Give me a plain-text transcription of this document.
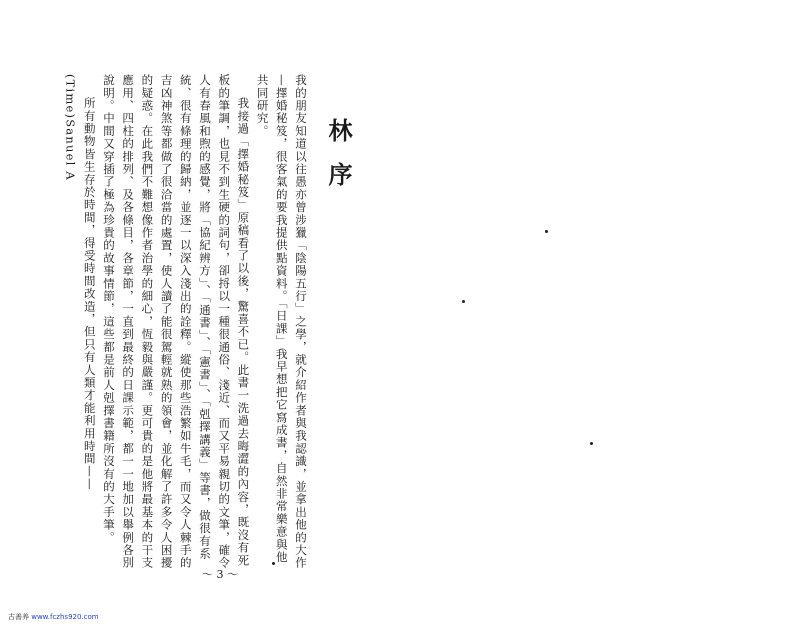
林序

我的朋友知道以往愚亦曾涉獵「陰陽五行」之學，就介紹作者與我認識，並拿出他的大作—擇婚秘笈，很客氣的要我提供點資料。「日課」我早想把它寫成書，自然非常樂意與他共同研究。

我接過「擇婚秘笈」原稿看了以後，驚喜不已。此書一洗過去晦澀的內容，既沒有死板的筆調，也見不到生硬的詞句，卻捋以一種很通俗、淺近、而又平易親切的文筆，確令人有春風和煦的感覺，將「協紀辨方」、「通書」、「憲書」、「剋擇講義」等書，做很有系統、很有條理的歸納，並逐一以深入淺出的詮釋。縱使那些浩繁如牛毛，而又令人棘手的吉凶神煞等都做了很洽當的處置，使人讀了能很駕輕就熟的領會，並化解了許多令人困擾的疑惑。在此我們不難想像作者治學的細心，恆毅與嚴謹。更可貴的是他將最基本的干支應用、四柱的排列、及各條目，各章節，一直到最終的日課示範，都一一地加以舉例各別說明。中間又穿插了極為珍貴的故事情節，這些都是前人剋擇書籍所沒有的大手筆。

所有動物皆生存於時間，得受時間改造，但只有人類才能利用時間——(Time)Sanuel A

～ 3 ～
古善养 www.fczhs920.com
